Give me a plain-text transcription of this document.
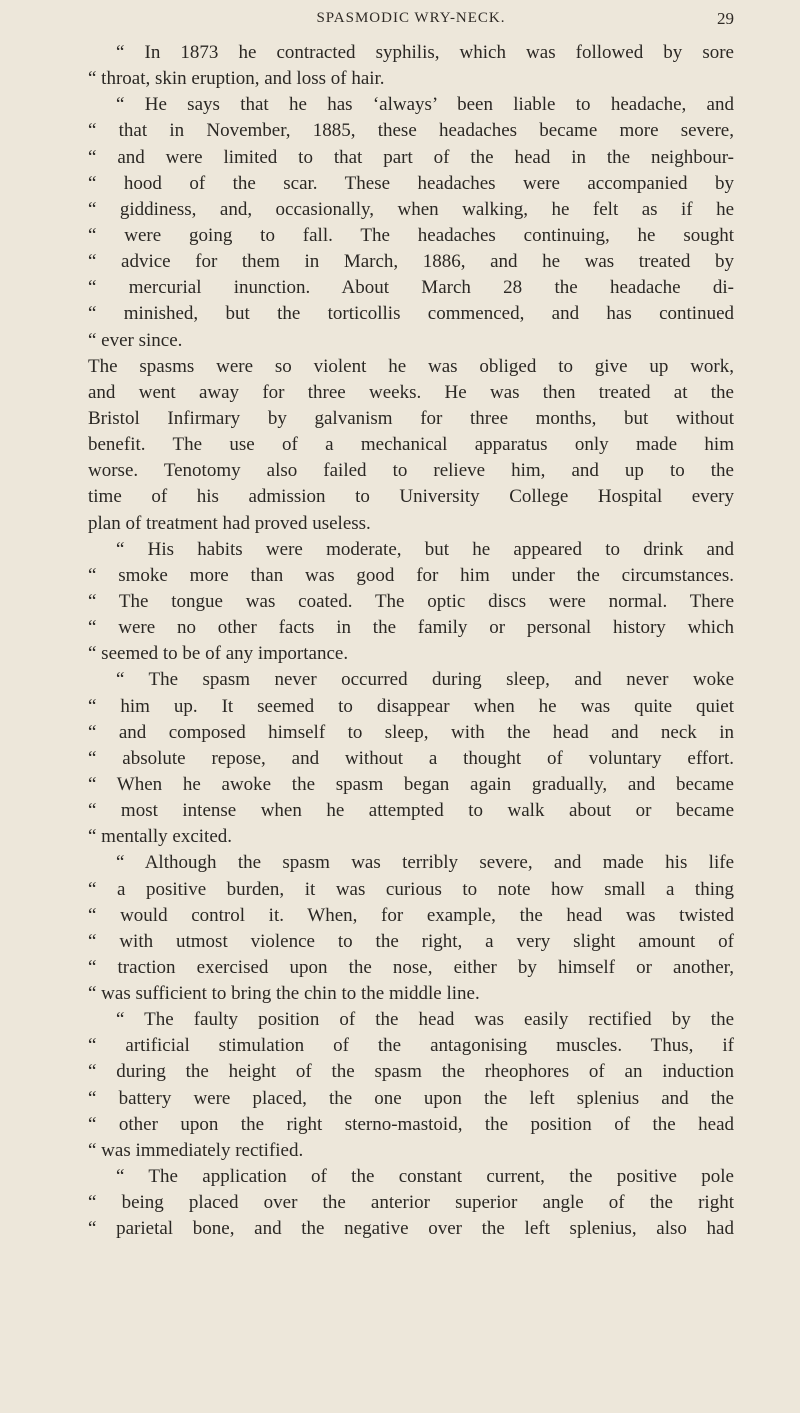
SPASMODIC WRY-NECK.	29
“ In 1873 he contracted syphilis, which was followed by sore
“ throat, skin eruption, and loss of hair.
“ He says that he has ‘always’ been liable to headache, and
“ that in November, 1885, these headaches became more severe,
“ and were limited to that part of the head in the neighbour-
“ hood of the scar. These headaches were accompanied by
“ giddiness, and, occasionally, when walking, he felt as if he
“ were going to fall. The headaches continuing, he sought
“ advice for them in March, 1886, and he was treated by
“ mercurial inunction. About March 28 the headache di-
“ minished, but the torticollis commenced, and has continued
“ ever since.
The spasms were so violent he was obliged to give up work,
and went away for three weeks. He was then treated at the
Bristol Infirmary by galvanism for three months, but without
benefit. The use of a mechanical apparatus only made him
worse. Tenotomy also failed to relieve him, and up to the
time of his admission to University College Hospital every
plan of treatment had proved useless.
“ His habits were moderate, but he appeared to drink and
“ smoke more than was good for him under the circumstances.
“ The tongue was coated. The optic discs were normal. There
“ were no other facts in the family or personal history which
“ seemed to be of any importance.
“ The spasm never occurred during sleep, and never woke
“ him up. It seemed to disappear when he was quite quiet
“ and composed himself to sleep, with the head and neck in
“ absolute repose, and without a thought of voluntary effort.
“ When he awoke the spasm began again gradually, and became
“ most intense when he attempted to walk about or became
“ mentally excited.
“ Although the spasm was terribly severe, and made his life
“ a positive burden, it was curious to note how small a thing
“ would control it. When, for example, the head was twisted
“ with utmost violence to the right, a very slight amount of
“ traction exercised upon the nose, either by himself or another,
“ was sufficient to bring the chin to the middle line.
“ The faulty position of the head was easily rectified by the
“ artificial stimulation of the antagonising muscles. Thus, if
“ during the height of the spasm the rheophores of an induction
“ battery were placed, the one upon the left splenius and the
“ other upon the right sterno-mastoid, the position of the head
“ was immediately rectified.
“ The application of the constant current, the positive pole
“ being placed over the anterior superior angle of the right
“ parietal bone, and the negative over the left splenius, also had
